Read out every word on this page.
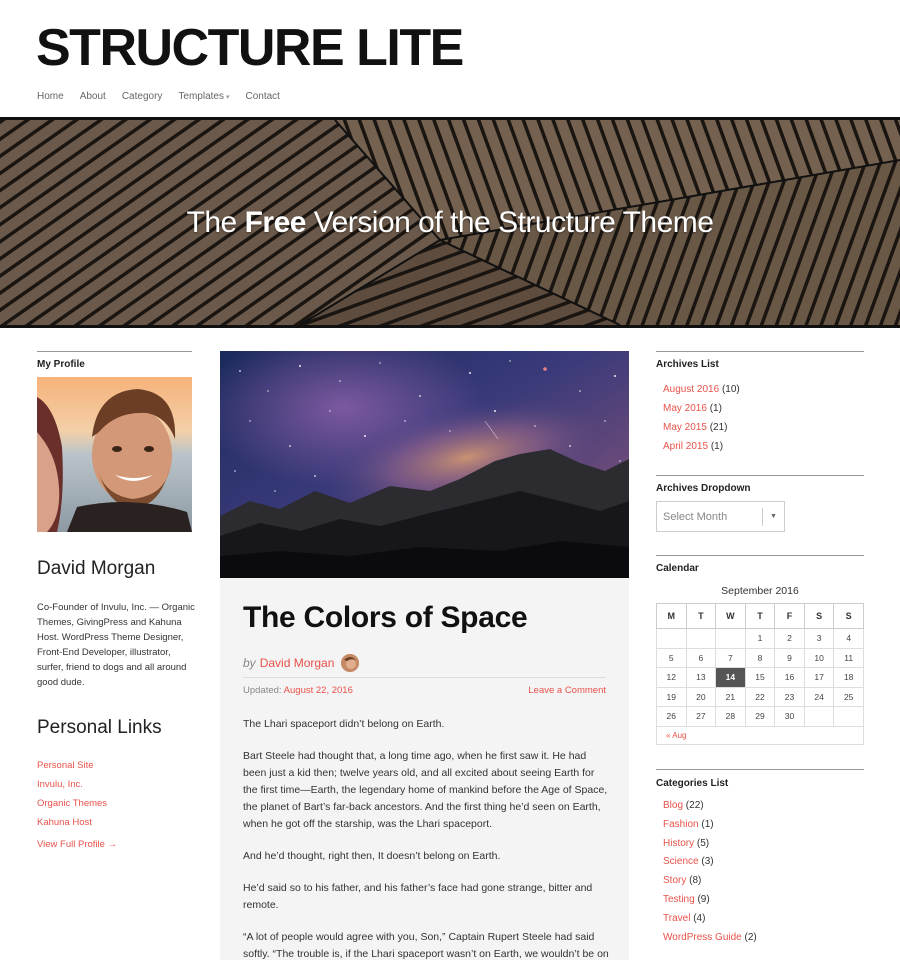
STRUCTURE LITE
Home About Category Templates ▾ Contact
The Free Version of the Structure Theme
My Profile
David Morgan
Co-Founder of Invulu, Inc. — Organic Themes, GivingPress and Kahuna Host. WordPress Theme Designer, Front-End Developer, illustrator, surfer, friend to dogs and all around good dude.
Personal Links
Personal Site
Invulu, Inc.
Organic Themes
Kahuna Host
View Full Profile →
The Colors of Space
by David Morgan
Updated: August 22, 2016	Leave a Comment

The Lhari spaceport didn’t belong on Earth.

Bart Steele had thought that, a long time ago, when he first saw it. He had been just a kid then; twelve years old, and all excited about seeing Earth for the first time—Earth, the legendary home of mankind before the Age of Space, the planet of Bart’s far-back ancestors. And the first thing he’d seen on Earth, when he got off the starship, was the Lhari spaceport.

And he’d thought, right then, It doesn’t belong on Earth.

He’d said so to his father, and his father’s face had gone strange, bitter and remote.

“A lot of people would agree with you, Son,” Captain Rupert Steele had said softly. “The trouble is, if the Lhari spaceport wasn’t on Earth, we wouldn’t be on

Archives List
August 2016 (10)
May 2016 (1)
May 2015 (21)
April 2015 (1)
Archives Dropdown
Select Month	▼
Calendar
September 2016
M	T	W	T	F	S	S
			1	2	3	4
5	6	7	8	9	10	11
12	13	14	15	16	17	18
19	20	21	22	23	24	25
26	27	28	29	30		
« Aug
Categories List
Blog (22)
Fashion (1)
History (5)
Science (3)
Story (8)
Testing (9)
Travel (4)
WordPress Guide (2)
